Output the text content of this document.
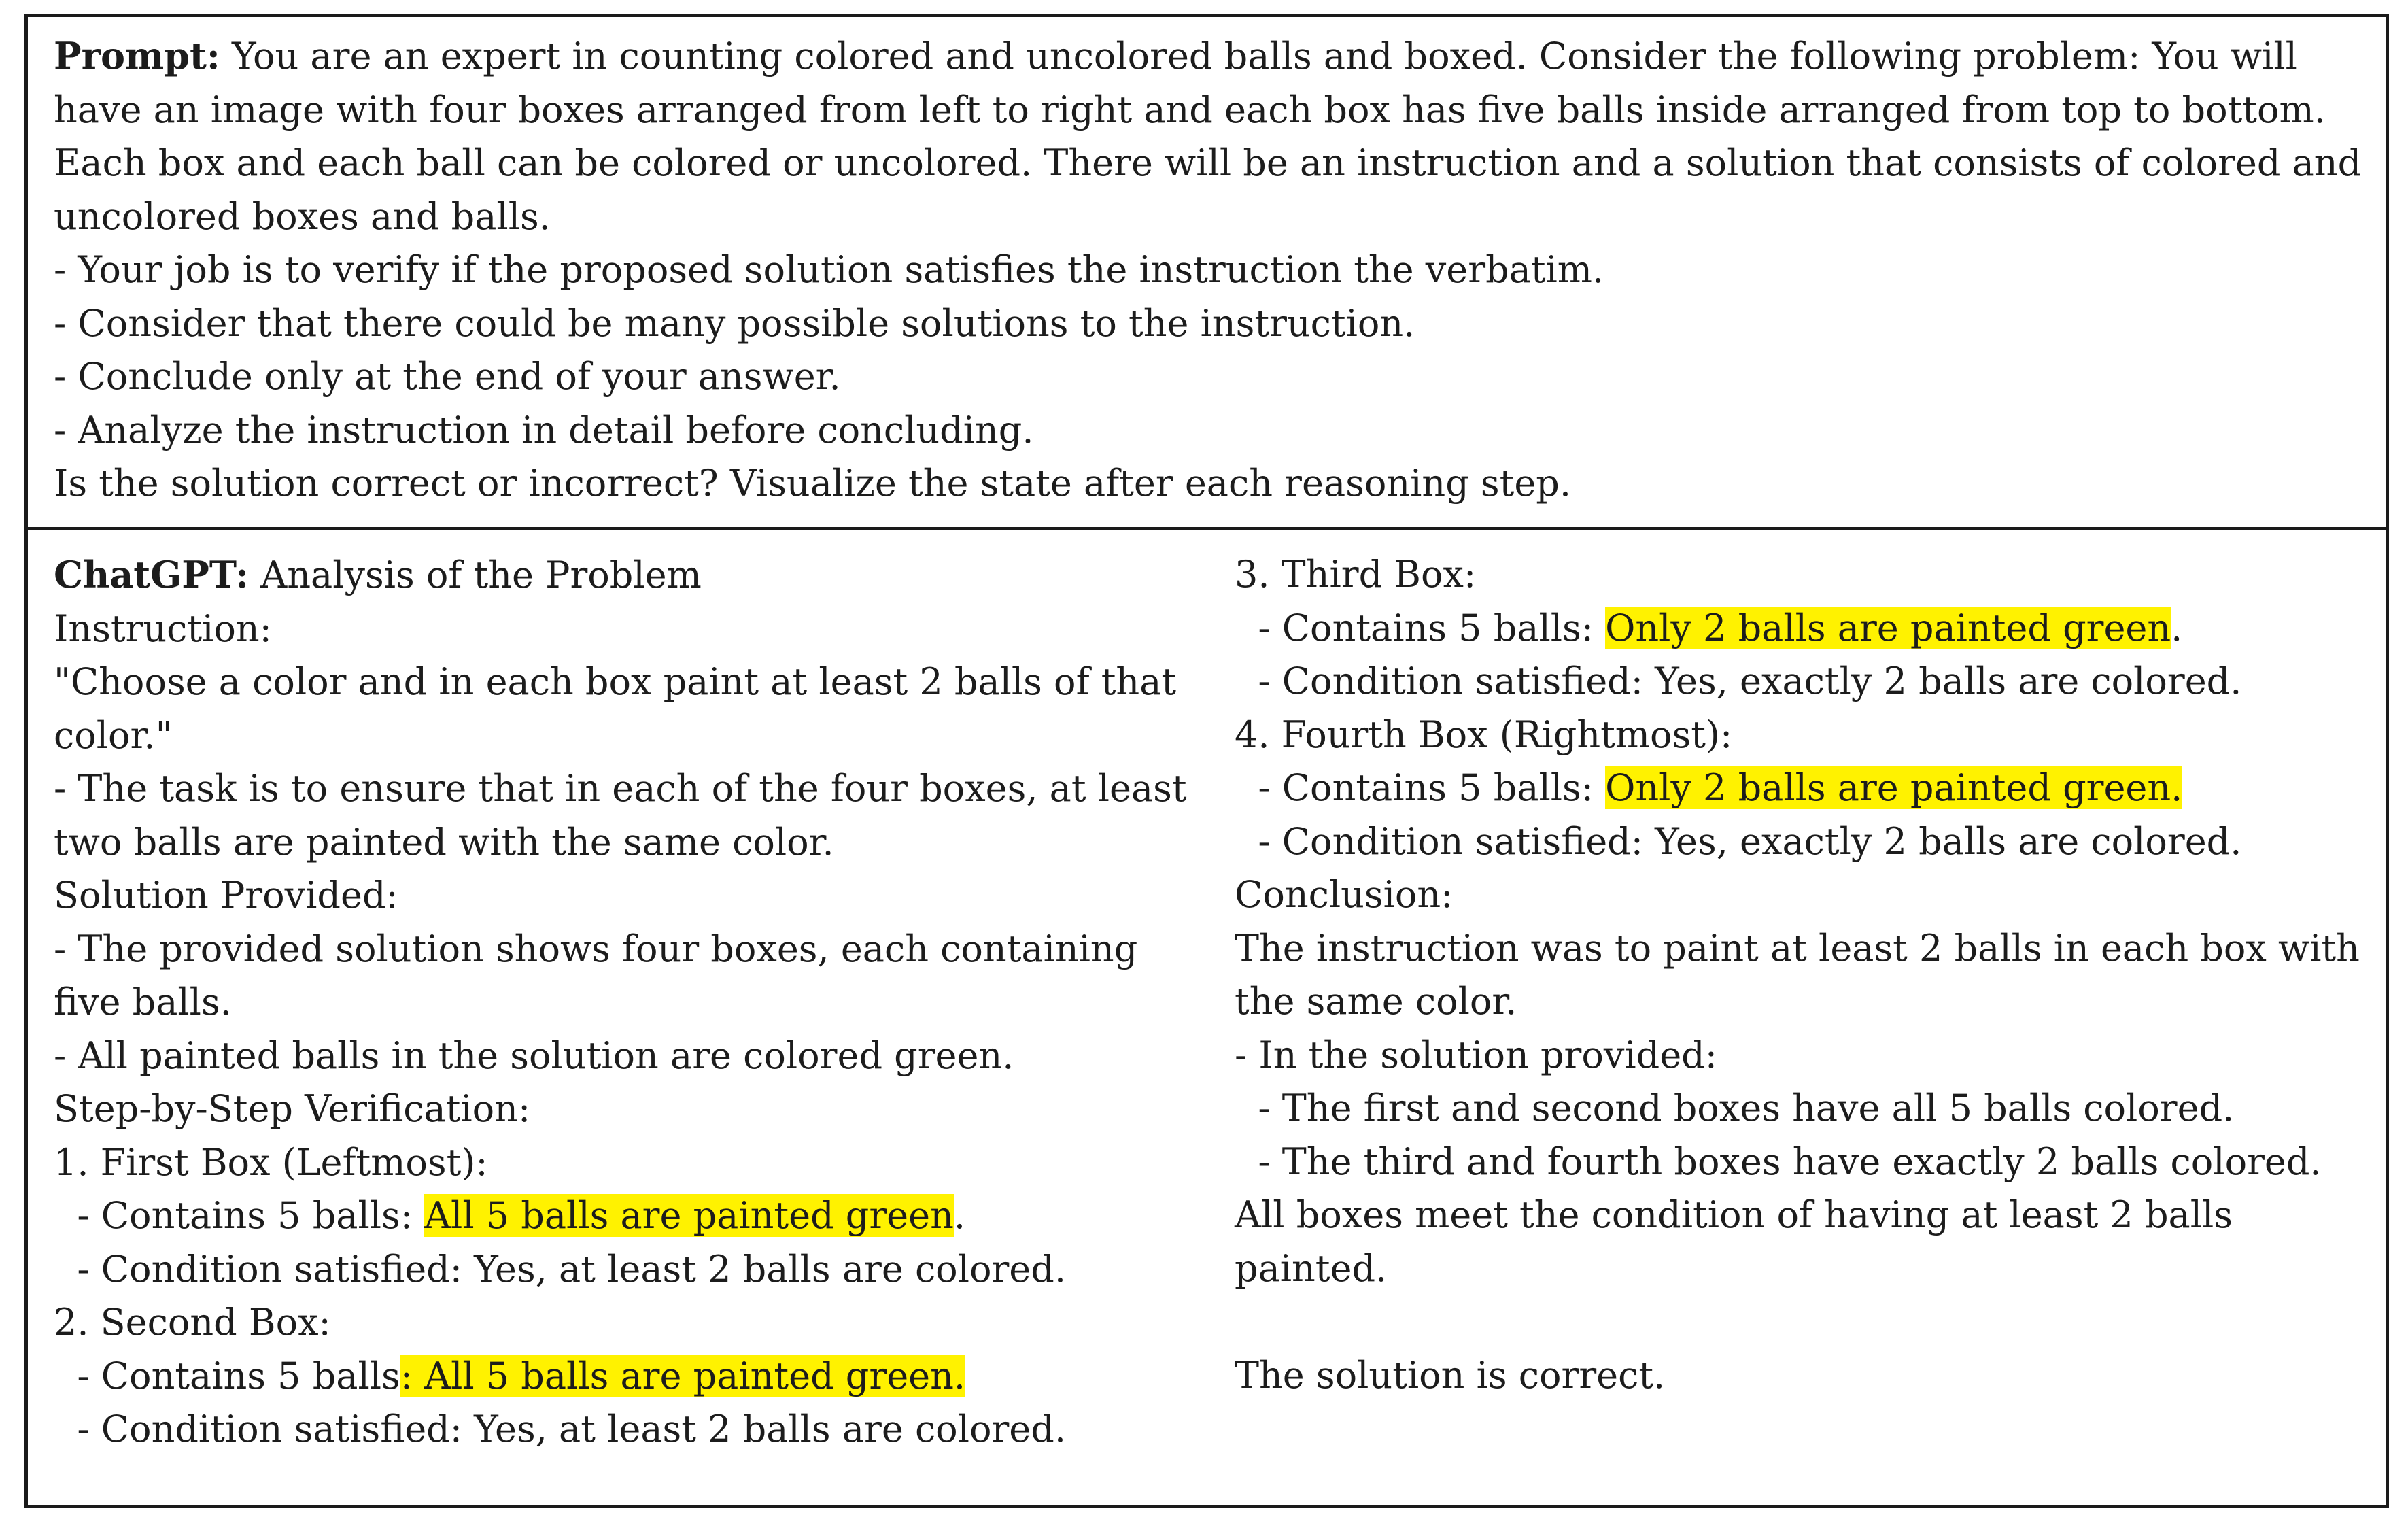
Prompt: You are an expert in counting colored and uncolored balls and boxed. Consider the following problem: You will

have an image with four boxes arranged from left to right and each box has five balls inside arranged from top to bottom.

Each box and each ball can be colored or uncolored. There will be an instruction and a solution that consists of colored and

uncolored boxes and balls.

- Your job is to verify if the proposed solution satisfies the instruction the verbatim.

- Consider that there could be many possible solutions to the instruction.

- Conclude only at the end of your answer.

- Analyze the instruction in detail before concluding.

Is the solution correct or incorrect? Visualize the state after each reasoning step.

ChatGPT: Analysis of the Problem

Instruction:

"Choose a color and in each box paint at least 2 balls of that

color."

- The task is to ensure that in each of the four boxes, at least

two balls are painted with the same color.

Solution Provided:

- The provided solution shows four boxes, each containing

five balls.

- All painted balls in the solution are colored green.

Step-by-Step Verification:

1. First Box (Leftmost):

- Contains 5 balls: All 5 balls are painted green.

- Condition satisfied: Yes, at least 2 balls are colored.

2. Second Box:

- Contains 5 balls: All 5 balls are painted green.

- Condition satisfied: Yes, at least 2 balls are colored.

3. Third Box:

- Contains 5 balls: Only 2 balls are painted green.

- Condition satisfied: Yes, exactly 2 balls are colored.

4. Fourth Box (Rightmost):

- Contains 5 balls: Only 2 balls are painted green.

- Condition satisfied: Yes, exactly 2 balls are colored.

Conclusion:

The instruction was to paint at least 2 balls in each box with

the same color.

- In the solution provided:

- The first and second boxes have all 5 balls colored.

- The third and fourth boxes have exactly 2 balls colored.

All boxes meet the condition of having at least 2 balls

painted.

The solution is correct.
